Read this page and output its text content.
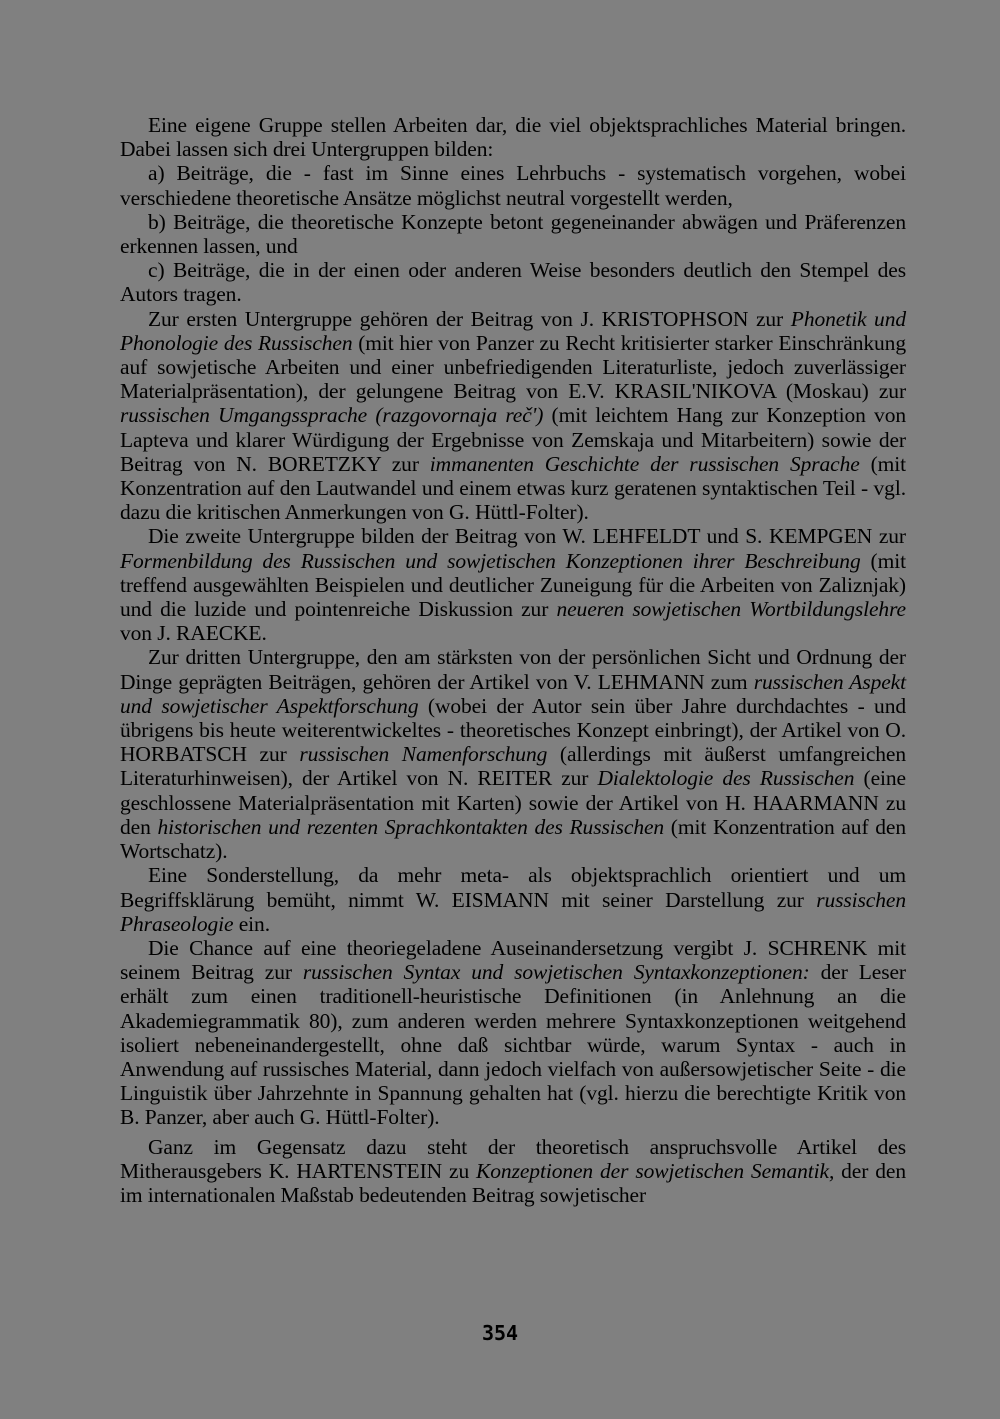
Eine eigene Gruppe stellen Arbeiten dar, die viel objektsprachliches Material bringen. Dabei lassen sich drei Untergruppen bilden:

a) Beiträge, die - fast im Sinne eines Lehrbuchs - systematisch vorgehen, wobei verschiedene theoretische Ansätze möglichst neutral vorgestellt werden,

b) Beiträge, die theoretische Konzepte betont gegeneinander abwägen und Präferenzen erkennen lassen, und

c) Beiträge, die in der einen oder anderen Weise besonders deutlich den Stempel des Autors tragen.

Zur ersten Untergruppe gehören der Beitrag von J. KRISTOPHSON zur Phonetik und Phonologie des Russischen (mit hier von Panzer zu Recht kritisierter starker Einschränkung auf sowjetische Arbeiten und einer unbefriedigenden Literaturliste, jedoch zuverlässiger Materialpräsentation), der gelungene Beitrag von E.V. KRASIL'NIKOVA (Moskau) zur russischen Umgangssprache (razgovornaja reč') (mit leichtem Hang zur Konzeption von Lapteva und klarer Würdigung der Ergebnisse von Zemskaja und Mitarbeitern) sowie der Beitrag von N. BORETZKY zur immanenten Geschichte der russischen Sprache (mit Konzentration auf den Lautwandel und einem etwas kurz geratenen syntaktischen Teil - vgl. dazu die kritischen Anmerkungen von G. Hüttl-Folter).

Die zweite Untergruppe bilden der Beitrag von W. LEHFELDT und S. KEMPGEN zur Formenbildung des Russischen und sowjetischen Konzeptionen ihrer Beschreibung (mit treffend ausgewählten Beispielen und deutlicher Zuneigung für die Arbeiten von Zaliznjak) und die luzide und pointenreiche Diskussion zur neueren sowjetischen Wortbildungslehre von J. RAECKE.

Zur dritten Untergruppe, den am stärksten von der persönlichen Sicht und Ordnung der Dinge geprägten Beiträgen, gehören der Artikel von V. LEHMANN zum russischen Aspekt und sowjetischer Aspektforschung (wobei der Autor sein über Jahre durchdachtes - und übrigens bis heute weiterentwickeltes - theoretisches Konzept einbringt), der Artikel von O. HORBATSCH zur russischen Namenforschung (allerdings mit äußerst umfangreichen Literaturhinweisen), der Artikel von N. REITER zur Dialektologie des Russischen (eine geschlossene Materialpräsentation mit Karten) sowie der Artikel von H. HAARMANN zu den historischen und rezenten Sprachkontakten des Russischen (mit Konzentration auf den Wortschatz).

Eine Sonderstellung, da mehr meta- als objektsprachlich orientiert und um Begriffsklärung bemüht, nimmt W. EISMANN mit seiner Darstellung zur russischen Phraseologie ein.

Die Chance auf eine theoriegeladene Auseinandersetzung vergibt J. SCHRENK mit seinem Beitrag zur russischen Syntax und sowjetischen Syntaxkonzeptionen: der Leser erhält zum einen traditionell-heuristische Definitionen (in Anlehnung an die Akademiegrammatik 80), zum anderen werden mehrere Syntaxkonzeptionen weitgehend isoliert nebeneinandergestellt, ohne daß sichtbar würde, warum Syntax - auch in Anwendung auf russisches Material, dann jedoch vielfach von außersowjetischer Seite - die Linguistik über Jahrzehnte in Spannung gehalten hat (vgl. hierzu die berechtigte Kritik von B. Panzer, aber auch G. Hüttl-Folter).

Ganz im Gegensatz dazu steht der theoretisch anspruchsvolle Artikel des Mitherausgebers K. HARTENSTEIN zu Konzeptionen der sowjetischen Semantik, der den im internationalen Maßstab bedeutenden Beitrag sowjetischer

354
